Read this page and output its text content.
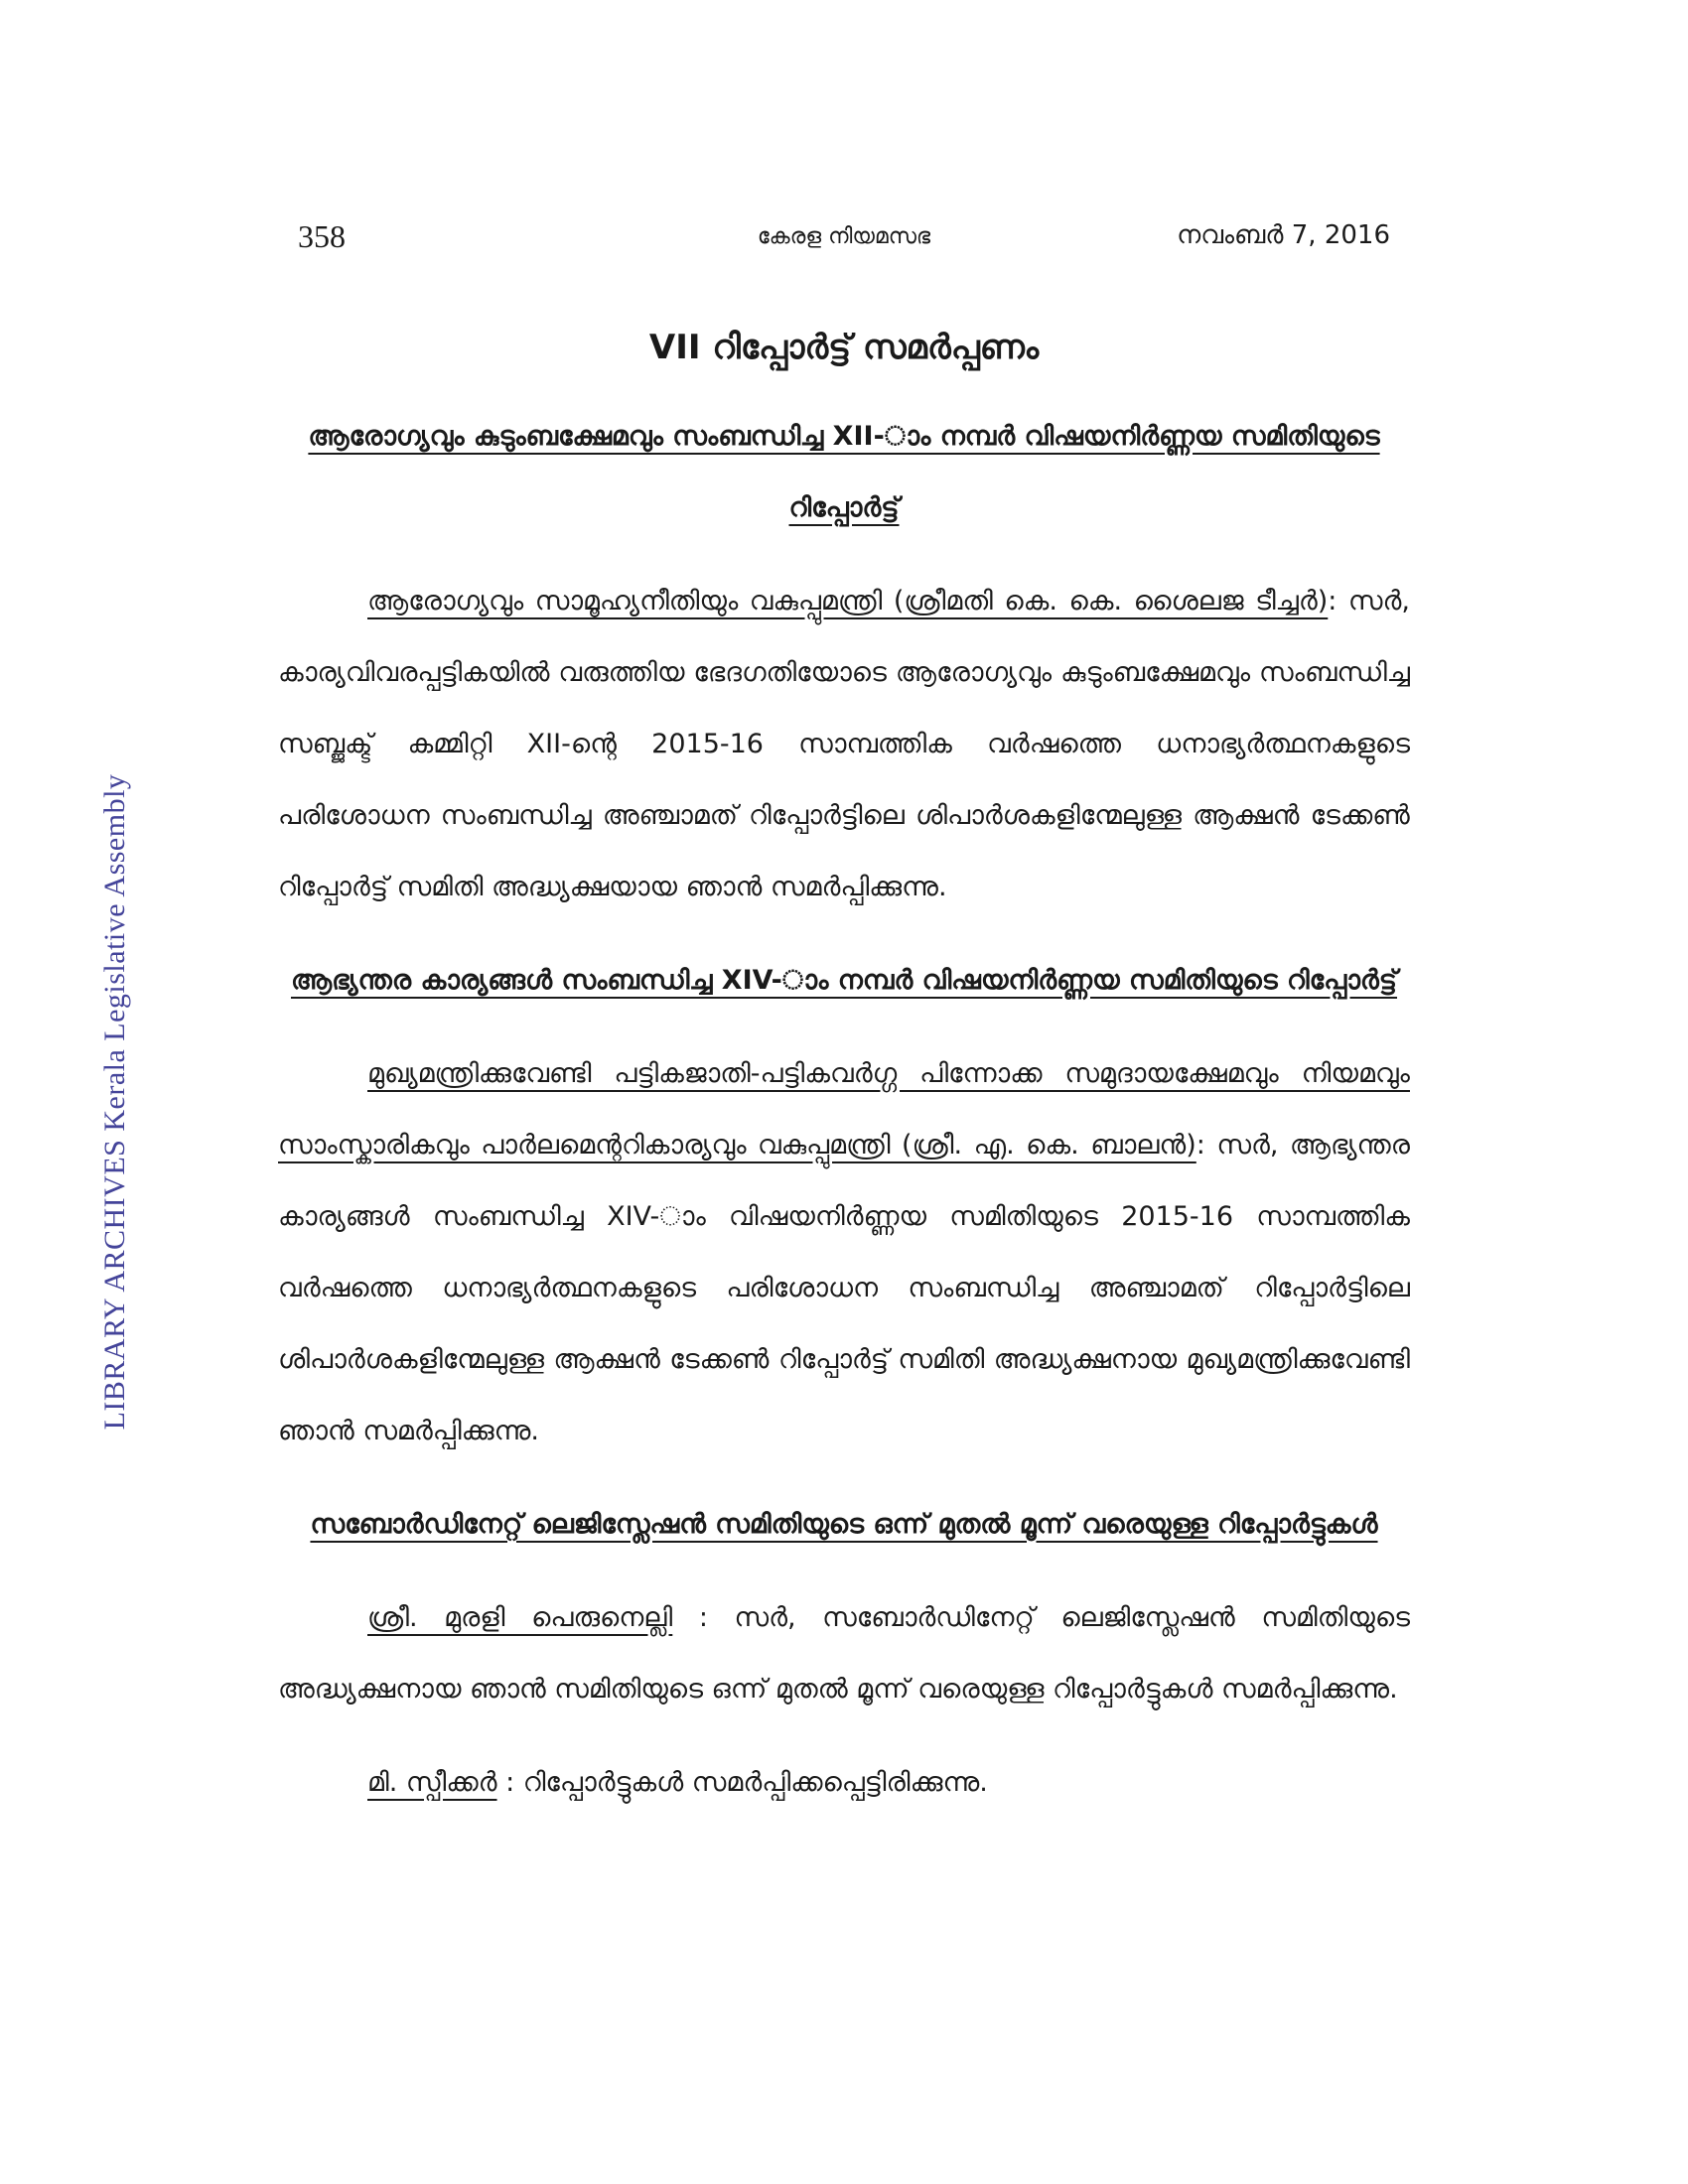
358	കേരള നിയമസഭ	നവംബർ 7, 2016
VII റിപ്പോർട്ട് സമർപ്പണം
ആരോഗ്യവും കുടുംബക്ഷേമവും സംബന്ധിച്ച XII-ാം നമ്പർ വിഷയനിർണ്ണയ സമിതിയുടെ റിപ്പോർട്ട്

ആരോഗ്യവും സാമൂഹ്യനീതിയും വകുപ്പുമന്ത്രി (ശ്രീമതി കെ. കെ. ശൈലജ ടീച്ചർ): സർ, കാര്യവിവരപ്പട്ടികയിൽ വരുത്തിയ ഭേദഗതിയോടെ ആരോഗ്യവും കുടുംബക്ഷേമവും സംബന്ധിച്ച സബ്ജക്ട് കമ്മിറ്റി XII-ന്റെ 2015-16 സാമ്പത്തിക വർഷത്തെ ധനാഭ്യർത്ഥനകളുടെ പരിശോധന സംബന്ധിച്ച അഞ്ചാമത് റിപ്പോർട്ടിലെ ശിപാർശകളിന്മേലുള്ള ആക്ഷൻ ടേക്കൺ റിപ്പോർട്ട് സമിതി അദ്ധ്യക്ഷയായ ഞാൻ സമർപ്പിക്കുന്നു.

ആഭ്യന്തര കാര്യങ്ങൾ സംബന്ധിച്ച XIV-ാം നമ്പർ വിഷയനിർണ്ണയ സമിതിയുടെ റിപ്പോർട്ട്

മുഖ്യമന്ത്രിക്കുവേണ്ടി പട്ടികജാതി-പട്ടികവർഗ്ഗ പിന്നോക്ക സമുദായക്ഷേമവും നിയമവും സാംസ്കാരികവും പാർലമെന്ററികാര്യവും വകുപ്പുമന്ത്രി (ശ്രീ. എ. കെ. ബാലൻ): സർ, ആഭ്യന്തര കാര്യങ്ങൾ സംബന്ധിച്ച XIV-ാം വിഷയനിർണ്ണയ സമിതിയുടെ 2015-16 സാമ്പത്തിക വർഷത്തെ ധനാഭ്യർത്ഥനകളുടെ പരിശോധന സംബന്ധിച്ച അഞ്ചാമത് റിപ്പോർട്ടിലെ ശിപാർശകളിന്മേലുള്ള ആക്ഷൻ ടേക്കൺ റിപ്പോർട്ട് സമിതി അദ്ധ്യക്ഷനായ മുഖ്യമന്ത്രിക്കുവേണ്ടി ഞാൻ സമർപ്പിക്കുന്നു.

സബോർഡിനേറ്റ് ലെജിസ്ലേഷൻ സമിതിയുടെ ഒന്ന് മുതൽ മൂന്ന് വരെയുള്ള റിപ്പോർട്ടുകൾ

ശ്രീ. മുരളി പെരുനെല്ലി : സർ, സബോർഡിനേറ്റ് ലെജിസ്ലേഷൻ സമിതിയുടെ അദ്ധ്യക്ഷനായ ഞാൻ സമിതിയുടെ ഒന്ന് മുതൽ മൂന്ന് വരെയുള്ള റിപ്പോർട്ടുകൾ സമർപ്പിക്കുന്നു.

മി. സ്പീക്കർ : റിപ്പോർട്ടുകൾ സമർപ്പിക്കപ്പെട്ടിരിക്കുന്നു.

LIBRARY ARCHIVES Kerala Legislative Assembly
